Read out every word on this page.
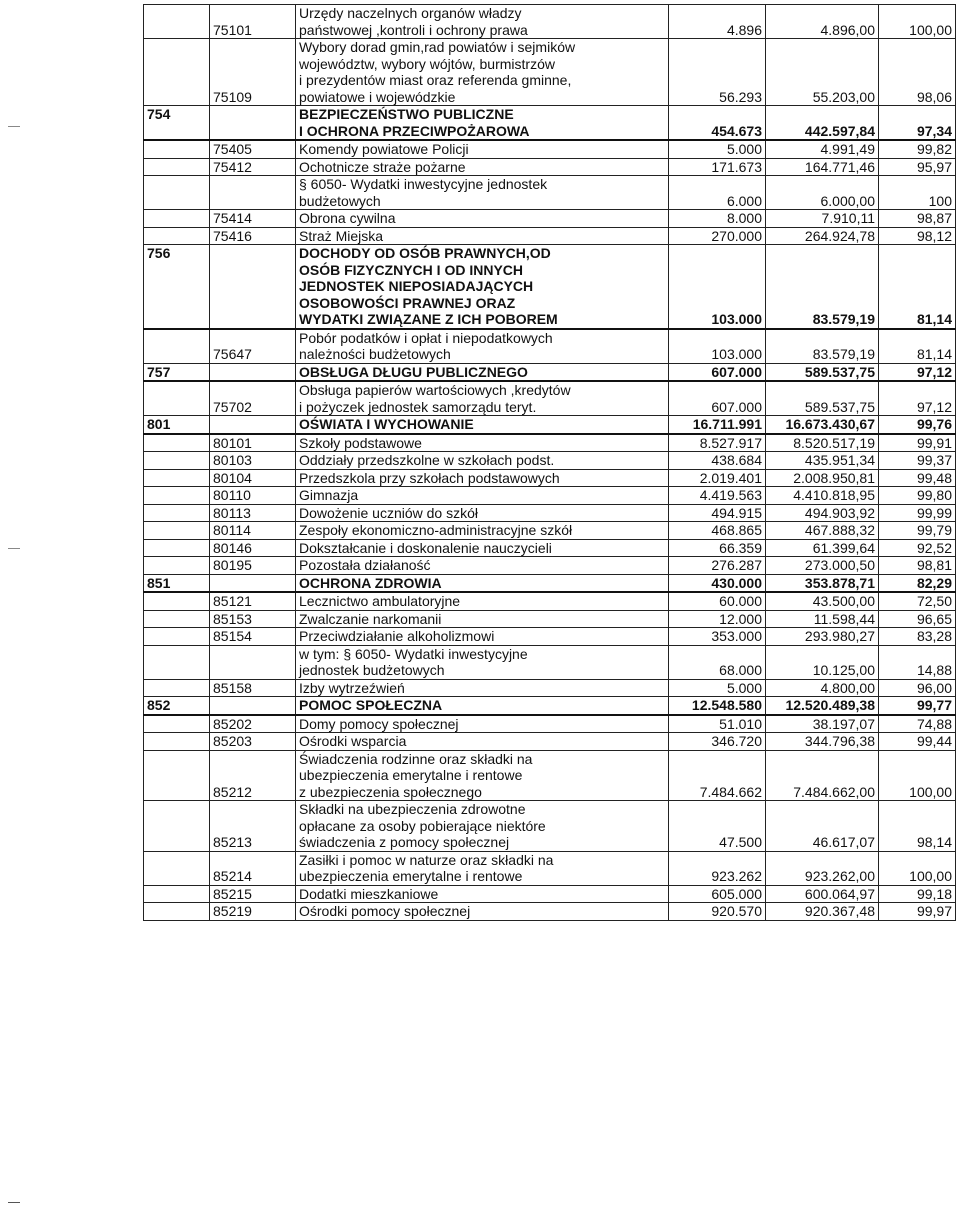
	75101	Urzędy naczelnych organów władzy
państwowej ,kontroli i ochrony prawa	4.896	4.896,00	100,00
	75109	Wybory dorad gmin,rad powiatów i sejmików
województw, wybory wójtów, burmistrzów
i prezydentów miast oraz referenda gminne,
powiatowe i wojewódzkie	56.293	55.203,00	98,06
754		BEZPIECZEŃSTWO PUBLICZNE
I OCHRONA PRZECIWPOŻAROWA	454.673	442.597,84	97,34
	75405	Komendy powiatowe Policji	5.000	4.991,49	99,82
	75412	Ochotnicze straże pożarne	171.673	164.771,46	95,97
		§ 6050- Wydatki inwestycyjne jednostek
budżetowych	6.000	6.000,00	100
	75414	Obrona cywilna	8.000	7.910,11	98,87
	75416	Straż Miejska	270.000	264.924,78	98,12
756		DOCHODY OD OSÓB PRAWNYCH,OD
OSÓB FIZYCZNYCH I OD INNYCH
JEDNOSTEK NIEPOSIADAJĄCYCH
OSOBOWOŚCI PRAWNEJ ORAZ
WYDATKI ZWIĄZANE Z ICH POBOREM	103.000	83.579,19	81,14
	75647	Pobór podatków i opłat i niepodatkowych
należności budżetowych	103.000	83.579,19	81,14
757		OBSŁUGA DŁUGU PUBLICZNEGO	607.000	589.537,75	97,12
	75702	Obsługa papierów wartościowych ,kredytów
i pożyczek jednostek samorządu teryt.	607.000	589.537,75	97,12
801		OŚWIATA I WYCHOWANIE	16.711.991	16.673.430,67	99,76
	80101	Szkoły podstawowe	8.527.917	8.520.517,19	99,91
	80103	Oddziały przedszkolne w szkołach podst.	438.684	435.951,34	99,37
	80104	Przedszkola przy szkołach podstawowych	2.019.401	2.008.950,81	99,48
	80110	Gimnazja	4.419.563	4.410.818,95	99,80
	80113	Dowożenie uczniów do szkół	494.915	494.903,92	99,99
	80114	Zespoły ekonomiczno-administracyjne szkół	468.865	467.888,32	99,79
	80146	Dokształcanie i doskonalenie nauczycieli	66.359	61.399,64	92,52
	80195	Pozostała działaność	276.287	273.000,50	98,81
851		OCHRONA ZDROWIA	430.000	353.878,71	82,29
	85121	Lecznictwo ambulatoryjne	60.000	43.500,00	72,50
	85153	Zwalczanie narkomanii	12.000	11.598,44	96,65
	85154	Przeciwdziałanie alkoholizmowi	353.000	293.980,27	83,28
		w tym: § 6050- Wydatki inwestycyjne
jednostek budżetowych	68.000	10.125,00	14,88
	85158	Izby wytrzeźwień	5.000	4.800,00	96,00
852		POMOC SPOŁECZNA	12.548.580	12.520.489,38	99,77
	85202	Domy pomocy społecznej	51.010	38.197,07	74,88
	85203	Ośrodki wsparcia	346.720	344.796,38	99,44
	85212	Świadczenia rodzinne oraz składki na
ubezpieczenia emerytalne i rentowe
z ubezpieczenia społecznego	7.484.662	7.484.662,00	100,00
	85213	Składki na ubezpieczenia zdrowotne
opłacane za osoby pobierające niektóre
świadczenia z pomocy społecznej	47.500	46.617,07	98,14
	85214	Zasiłki i pomoc w naturze oraz składki na
ubezpieczenia emerytalne i rentowe	923.262	923.262,00	100,00
	85215	Dodatki mieszkaniowe	605.000	600.064,97	99,18
	85219	Ośrodki pomocy społecznej	920.570	920.367,48	99,97
